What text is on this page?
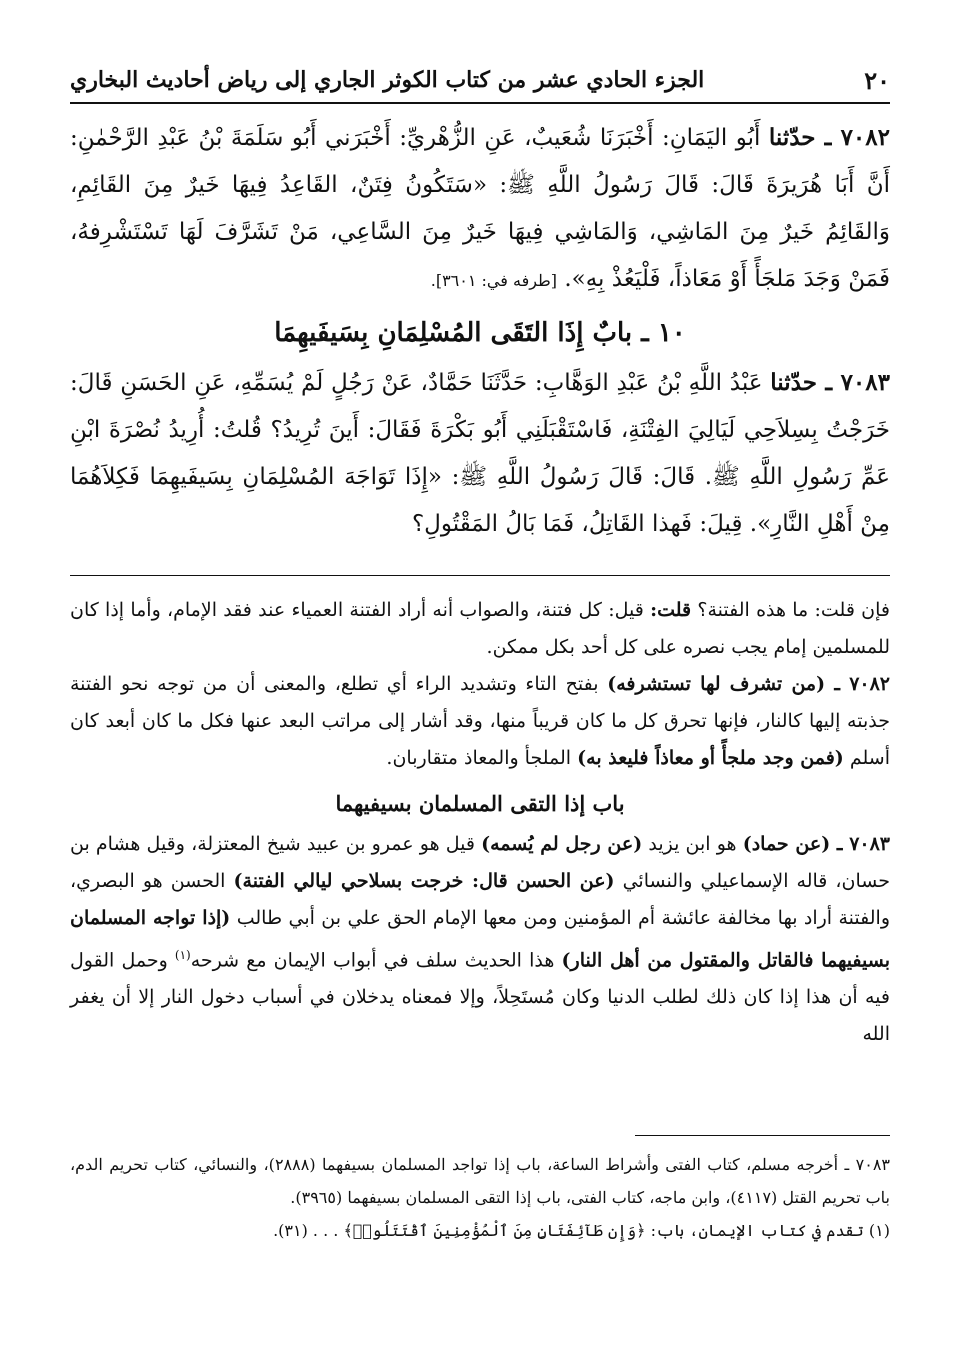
٢٠
الجزء الحادي عشر من كتاب الكوثر الجاري إلى رياض أحاديث البخاري

٧٠٨٢ ـ حدّثنا أَبُو اليَمَانِ: أَخْبَرَنَا شُعَيبٌ، عَنِ الزُّهْريِّ: أَخْبَرَني أَبُو سَلَمَةَ بْنُ عَبْدِ الرَّحْمٰنِ: أَنَّ أَبَا هُرَيرَةَ قَالَ: قَالَ رَسُولُ اللَّهِ ﷺ: «سَتَكُونُ فِتَنٌ، القَاعِدُ فِيهَا خَيرٌ مِنَ القَائِمِ، وَالقَائِمُ خَيرٌ مِنَ المَاشِي، وَالمَاشِي فِيهَا خَيرٌ مِنَ السَّاعِي، مَنْ تَشَرَّفَ لَهَا تَسْتَشْرِفهُ، فَمَنْ وَجَدَ مَلجَأً أَوْ مَعَاذاً، فَلْيَعُذْ بِهِ». [طرفه في: ٣٦٠١].

١٠ ـ بابٌ إِذَا التَقَى المُسْلِمَانِ بِسَيفَيهِمَا

٧٠٨٣ ـ حدّثنا عَبْدُ اللَّهِ بْنُ عَبْدِ الوَهَّابِ: حَدَّثَنَا حَمَّادٌ، عَنْ رَجُلٍ لَمْ يُسَمِّهِ، عَنِ الحَسَنِ قَالَ: خَرَجْتُ بِسِلاَحِي لَيَالِيَ الفِتْنَةِ، فَاسْتَقْبَلَنِي أَبُو بَكْرَةَ فَقَالَ: أَينَ تُرِيدُ؟ قُلتُ: أُرِيدُ نُصْرَةَ ابْنِ عَمِّ رَسُولِ اللَّهِ ﷺ. قَالَ: قَالَ رَسُولُ اللَّهِ ﷺ: «إِذَا تَوَاجَهَ المُسْلِمَانِ بِسَيفَيهِمَا فَكِلاَهُمَا مِنْ أَهْلِ النَّارِ». قِيلَ: فَهذا القَاتِلُ، فَمَا بَالُ المَقْتُولِ؟

فإن قلت: ما هذه الفتنة؟ قلت: قيل: كل فتنة، والصواب أنه أراد الفتنة العمياء عند فقد الإمام، وأما إذا كان للمسلمين إمام يجب نصره على كل أحد بكل ممكن.

٧٠٨٢ ـ (من تشرف لها تستشرفه) بفتح التاء وتشديد الراء أي تطلع، والمعنى أن من توجه نحو الفتنة جذبته إليها كالنار، فإنها تحرق كل ما كان قريباً منها، وقد أشار إلى مراتب البعد عنها فكل ما كان أبعد كان أسلم (فمن وجد ملجأً أو معاذاً فليعذ به) الملجأ والمعاذ متقاربان.

باب إذا التقى المسلمان بسيفيهما

٧٠٨٣ ـ (عن حماد) هو ابن يزيد (عن رجل لم يُسمه) قيل هو عمرو بن عبيد شيخ المعتزلة، وقيل هشام بن حسان، قاله الإسماعيلي والنسائي (عن الحسن قال: خرجت بسلاحي ليالي الفتنة) الحسن هو البصري، والفتنة أراد بها مخالفة عائشة أم المؤمنين ومن معها الإمام الحق علي بن أبي طالب (إذا تواجه المسلمان بسيفيهما فالقاتل والمقتول من أهل النار) هذا الحديث سلف في أبواب الإيمان مع شرحه$^{(١)}$ وحمل القول فيه أن هذا إذا كان ذلك لطلب الدنيا وكان مُستَحِلاً، وإلا فمعناه يدخلان في أسباب دخول النار إلا أن يغفر الله

٧٠٨٣ ـ أخرجه مسلم، كتاب الفتى وأشراط الساعة، باب إذا تواجد المسلمان بسيفهما (٢٨٨٨)، والنسائي، كتاب تحريم الدم، باب تحريم القتل (٤١١٧)، وابن ماجه، كتاب الفتى، باب إذا التقى المسلمان بسيفهما (٣٩٦٥).

(١) تقدم في كتاب الإيمان، باب: ﴿وَإِن طَآئِفَتَانِ مِنَ ٱلْمُؤْمِنِينَ ٱقْتَتَلُوا۟﴾ . . . (٣١).
